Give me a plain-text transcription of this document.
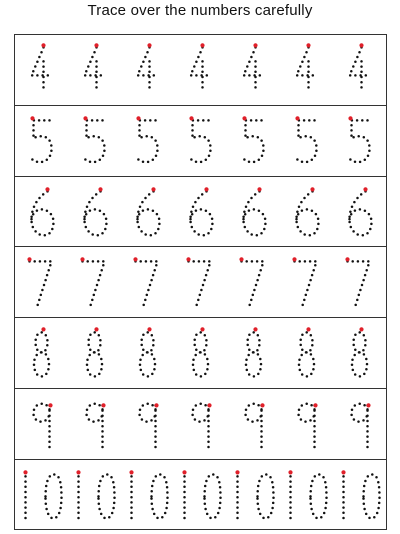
Trace over the numbers carefully
